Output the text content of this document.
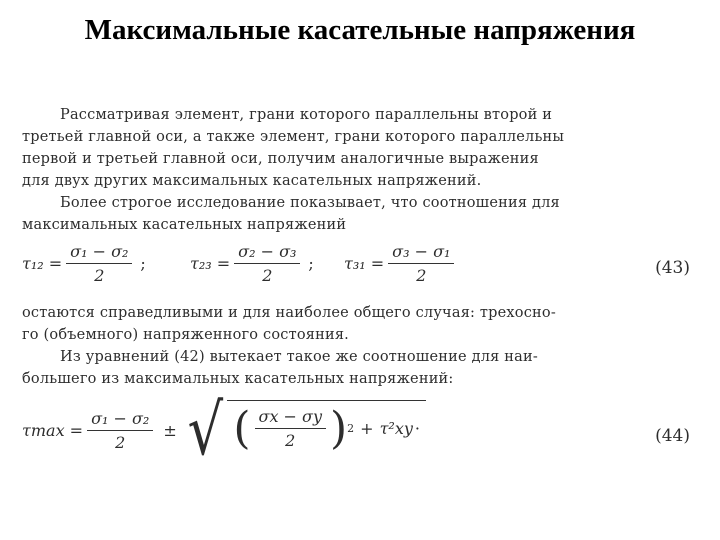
Максимальные касательные напряжения
Рассматривая элемент, грани которого параллельны второй и
третьей главной оси, а также элемент, грани которого параллельны
первой и третьей главной оси, получим аналогичные выражения
для двух других максимальных касательных напряжений.
Более строгое исследование показывает, что соотношения для
максимальных касательных напряжений
$\tau_{12} = \frac{\text{σ₁ − σ₂}}{2}$ ;	$\tau_{23} = \frac{\text{σ₂ − σ₃}}{2}$ ; $\tau_{31} = \frac{\text{σ₃ − σ₁}}{2}$	(43)
остаются справедливыми и для наиболее общего случая: трехосно-
го (объемного) напряженного состояния.
Из уравнений (42) вытекает такое же соотношение для наи-
большего из максимальных касательных напряжений:
$\tau\max = \frac{\text{σ₁ − σ₂}}{2}$ ± √ ( $\frac{\sigma x - \sigma y}{2}$ ) 2 + τ²xy ·	(44)
